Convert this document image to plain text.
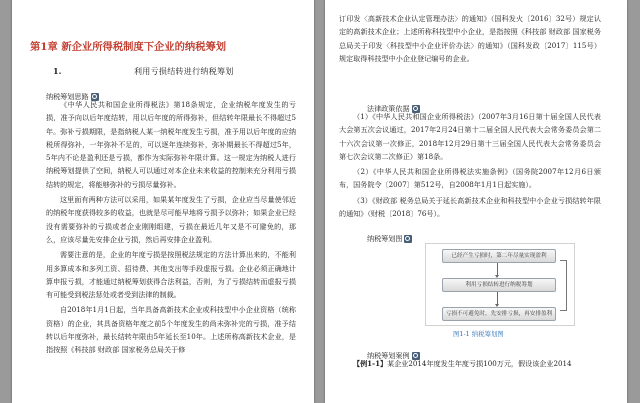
第1章 新企业所得税制度下企业的纳税筹划
1.	利用亏损结转进行纳税筹划
纳税筹划思路

《中华人民共和国企业所得税法》第18条规定，企业纳税年度发生的亏损，准予向以后年度结转，用以后年度的所得弥补，但结转年限最长不得超过5年。弥补亏损期限，是指纳税人某一纳税年度发生亏损，准予用以后年度的应纳税所得弥补，一年弥补不足的，可以逐年连续弥补，弥补期最长不得超过5年，5年内不论是盈利还是亏损，都作为实际弥补年限计算。这一规定为纳税人进行纳税筹划提供了空间，纳税人可以通过对本企业未来收益的控制来充分利用亏损结转的规定，将能够弥补的亏损尽量弥补。

这里面有两种方法可以采用，如果某年度发生了亏损，企业应当尽量使邻近的纳税年度获得较多的收益，也就是尽可能早地将亏损予以弥补；如果企业已经没有需要弥补的亏损或者企业刚刚组建，亏损在最近几年又是不可避免的，那么，应该尽量先安排企业亏损，然后再安排企业盈利。

需要注意的是，企业的年度亏损是按照税法规定的方法计算出来的，不能利用多算成本和多列工资、招待费、其他支出等手段虚报亏损。企业必须正确地计算申报亏损，才能通过纳税筹划获得合法利益，否则，为了亏损结转而虚报亏损有可能受到税法惩处或者受到法律的制裁。

自2018年1月1日起，当年具备高新技术企业或科技型中小企业资格（统称资格）的企业，其具备资格年度之前5个年度发生的尚未弥补完的亏损，准予结转以后年度弥补，最长结转年限由5年延长至10年。上述所称高新技术企业，是指按照《科技部 财政部 国家税务总局关于修

订印发〈高新技术企业认定管理办法〉的通知》（国科发火〔2016〕32号）规定认定的高新技术企业；上述所称科技型中小企业，是指按照《科技部 财政部 国家税务总局关于印发〈科技型中小企业评价办法〉的通知》（国科发政〔2017〕115号）规定取得科技型中小企业登记编号的企业。

法律政策依据

（1）《中华人民共和国企业所得税法》（2007年3月16日第十届全国人民代表大会第五次会议通过，2017年2月24日第十二届全国人民代表大会常务委员会第二十六次会议第一次修正，2018年12月29日第十三届全国人民代表大会常务委员会第七次会议第二次修正）第18条。

（2）《中华人民共和国企业所得税法实施条例》（国务院2007年12月6日颁布，国务院令〔2007〕第512号，自2008年1月1日起实施）。

（3）《财政部 税务总局关于延长高新技术企业和科技型中小企业亏损结转年限的通知》（财税〔2018〕76号）。

纳税筹划图
已经产生亏损时，第二年尽量实现盈利
利用亏损结转进行纳税筹划
亏损不可避免时，先安排亏损，再安排盈利
图1-1 纳税筹划图
纳税筹划案例

【例1-1】某企业2014年度发生年度亏损100万元，假设该企业2014
